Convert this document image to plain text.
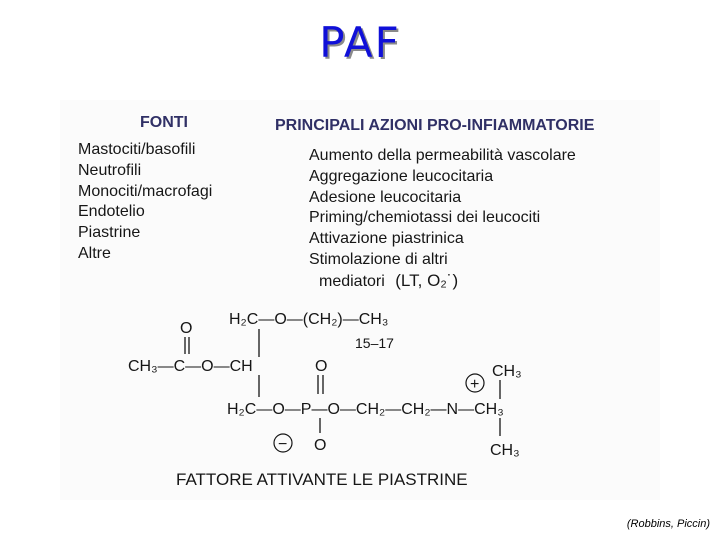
PAF
FONTI
Mastociti/basofili
Neutrofili
Monociti/macrofagi
Endotelio
Piastrine
Altre
PRINCIPALI AZIONI PRO-INFIAMMATORIE
Aumento della permeabilità vascolare
Aggregazione leucocitaria
Adesione leucocitaria
Priming/chemiotassi dei leucociti
Attivazione piastrinica
Stimolazione di altri
mediatori (LT, O₂˙)
H₂C—O—(CH₂)—CH₃
15–17
O
CH₃—C—O—CH	O
H₂C—O—P—O—CH₂—CH₂—N—CH₃
+
CH₃
CH₃
O
−
FATTORE ATTIVANTE LE PIASTRINE
(Robbins, Piccin)
